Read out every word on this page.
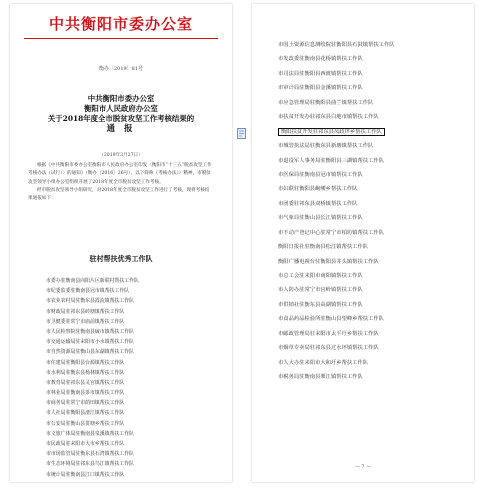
中共衡阳市委办公室
衡办〔2019〕81号
中共衡阳市委办公室
衡阳市人民政府办公室
关于2018年度全市脱贫攻坚工作考核结果的
通 报
（2019年3月27日）
根据《中共衡阳市委办公室衡阳市人民政府办公室印发〈衡阳市“十三五”脱贫攻坚工作考核办法（试行）〉的通知》（衡办〔2016〕26号），以下简称《考核办法》）精神，市脱贫攻坚领导小组办公室组织开展了2018年度全市脱贫攻坚工作考核。
经市脱贫攻坚领导小组研究，对2018年度全市脱贫攻坚工作进行了考核，现将考核结果通报如下：
驻村帮扶优秀工作队
市委办驻衡南县向阳片区新联村帮扶工作队
市纪委监委驻衡南县冠市镇帮扶工作队
市农业农村局驻衡东县霞流镇帮扶工作队
市财政局驻祁东县砖塘镇帮扶工作队
市卫健委驻常宁市庙前镇帮扶工作队
市人民检察院驻衡南县硫市镇帮扶工作队
市交通运输局驻耒阳市小水镇帮扶工作队
市自然资源局驻衡山县东湖镇帮扶工作队
市住建局驻衡阳县台源镇帮扶工作队
市水利局驻衡东县杨林镇帮扶工作队
市教育局驻祁东县灵官镇帮扶工作队
市林业局驻衡南县茶市镇帮扶工作队
市商务局驻常宁市荫田镇帮扶工作队
市人社局驻衡阳县渣江镇帮扶工作队
市公安局驻衡山县贯塘乡帮扶工作队
市文旅广体局驻衡南县泉溪镇帮扶工作队
市民政局驻耒阳市大市乡帮扶工作队
市市场监管局驻衡东县石湾镇帮扶工作队
市生态环境局驻祁东县鸟江镇帮扶工作队
市统计局驻衡南县江口镇帮扶工作队
市国土资源信息测绘院驻衡阳县石鼓镇帮扶工作队
市发改委驻衡南县花桥镇帮扶工作队
市司法局驻衡阳县西渡镇帮扶工作队
市审计局驻衡阳县金溪镇帮扶工作队
市应急管理局驻衡阳县曲兰镇帮扶工作队
市扶贫开发办驻祁东县白地市镇帮扶工作队
衡阳扶贫开发驻祁东县凤歧坪乡帮扶工作队
市城管执法局驻衡东县新塘镇帮扶工作队
市退役军人事务局驻衡阳县三湖镇帮扶工作队
市医保局驻衡南县冠市镇帮扶工作队
市妇联驻衡阳县岣嵝乡帮扶工作队
市团委驻祁东县双桥镇帮扶工作队
市气象局驻衡山县长江镇帮扶工作队
市不动产登记中心驻常宁市柏坊镇帮扶工作队
衡阳日报社驻衡南县松江镇帮扶工作队
衡阳广播电视台驻衡阳县井头镇帮扶工作队
市总工会驻耒阳市南阳镇帮扶工作队
市人防办驻常宁市官岭镇帮扶工作队
市供销社驻衡东县高湖镇帮扶工作队
市食品药品检验所驻衡山县望峰乡帮扶工作队
市邮政管理局驻耒阳市太平圩乡帮扶工作队
市烟草专卖局驻祁东县过水坪镇帮扶工作队
市人大办驻耒阳市大和圩乡帮扶工作队
市税务局驻衡南县栗江镇帮扶工作队
— 7 —
